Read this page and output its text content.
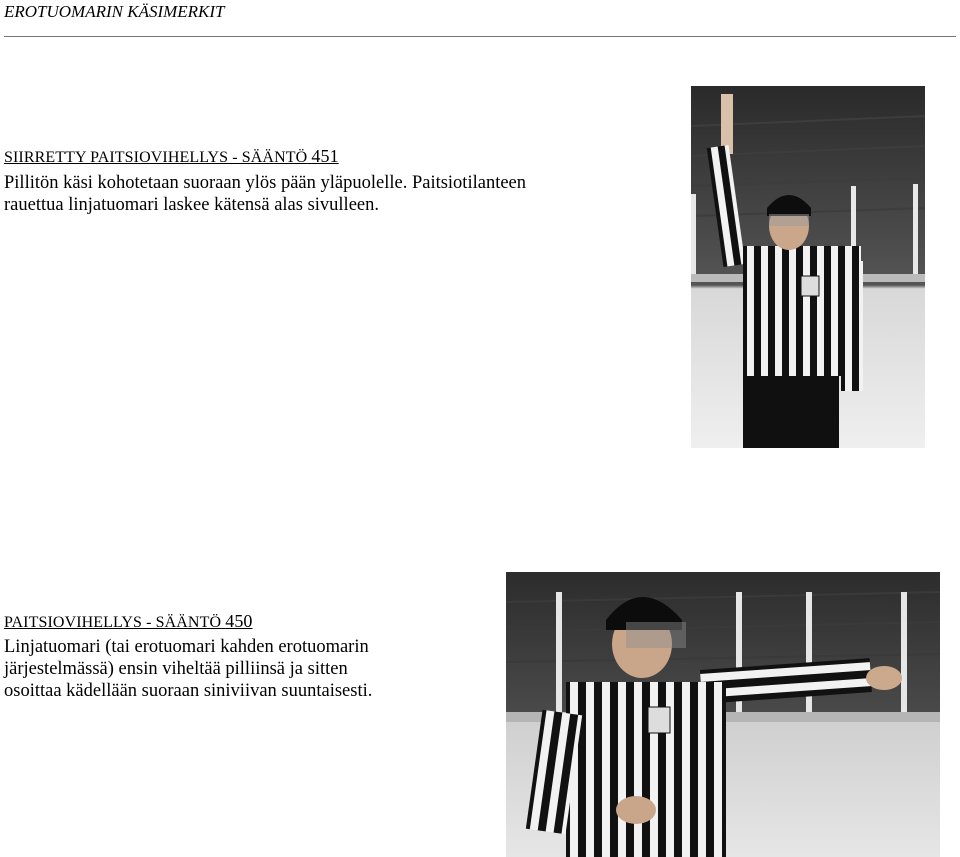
EROTUOMARIN KÄSIMERKIT
SIIRRETTY PAITSIOVIHELLYS - SÄÄNTÖ 451
Pillitön käsi kohotetaan suoraan ylös pään yläpuolelle. Paitsiotilanteen
rauettua linjatuomari laskee kätensä alas sivulleen.
PAITSIOVIHELLYS - SÄÄNTÖ 450
Linjatuomari (tai erotuomari kahden erotuomarin
järjestelmässä) ensin viheltää pilliinsä ja sitten
osoittaa kädellään suoraan siniviivan suuntaisesti.
